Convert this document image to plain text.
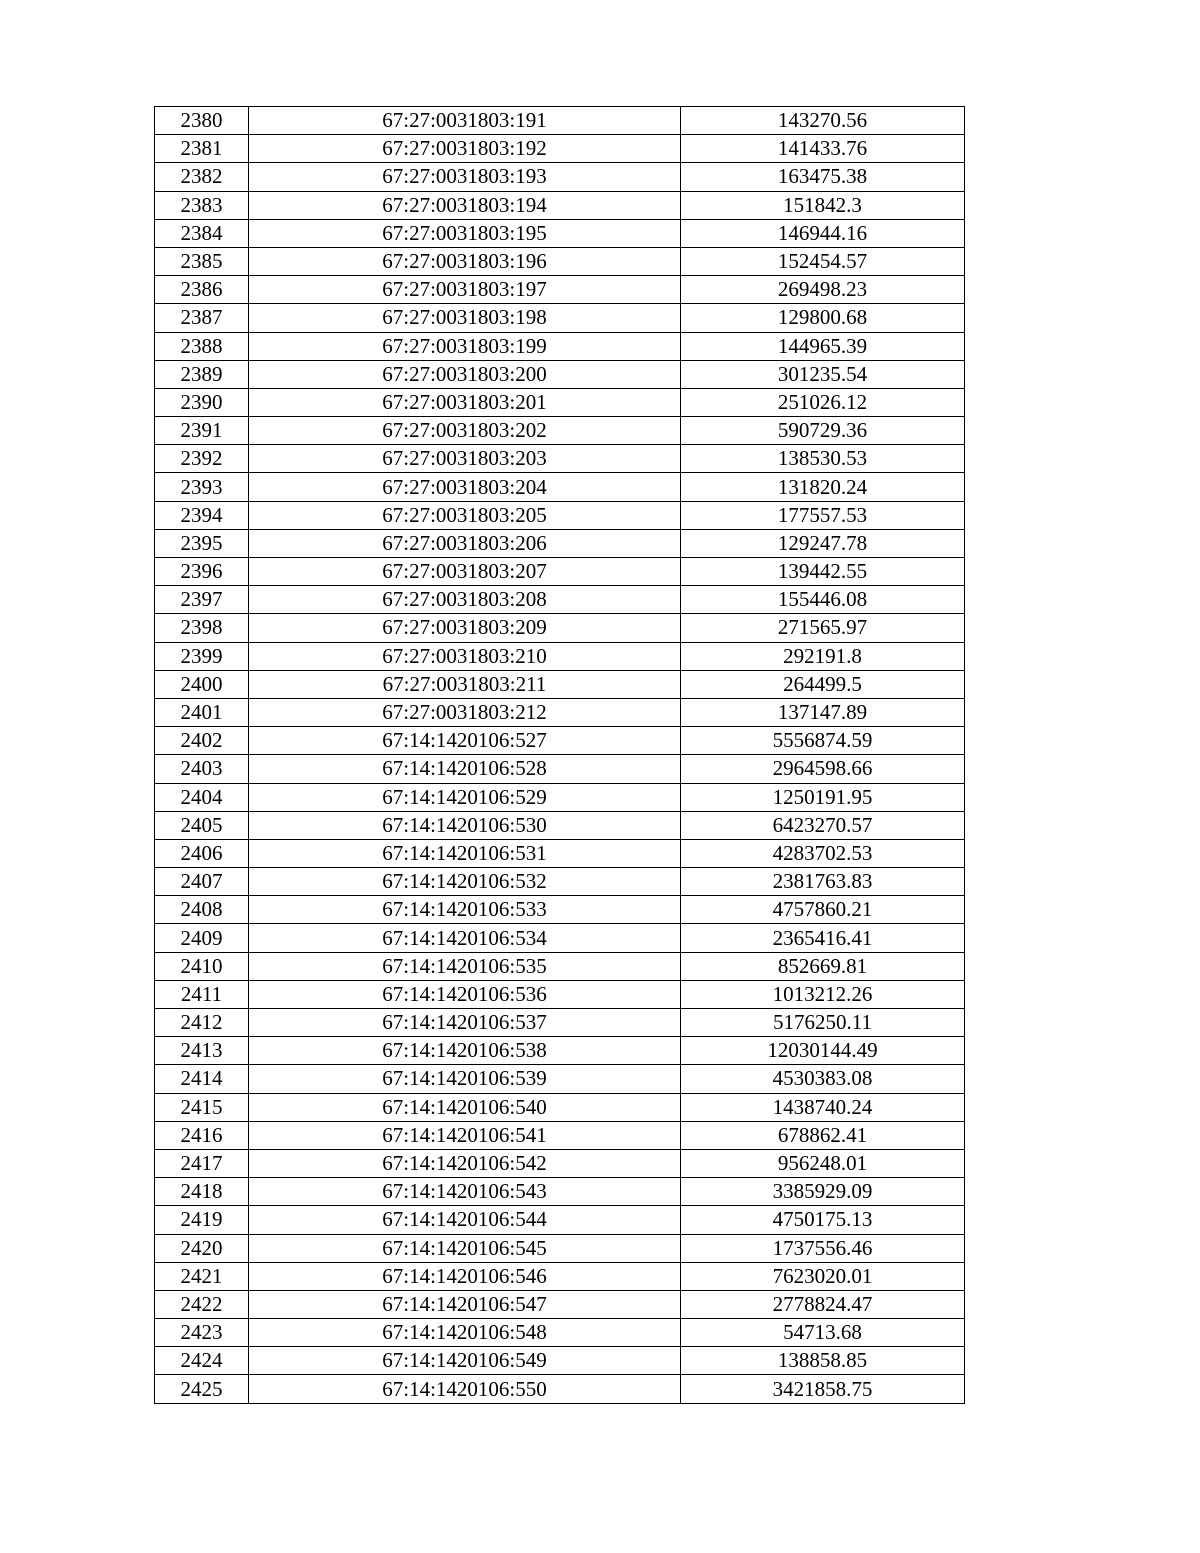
2380	67:27:0031803:191	143270.56
2381	67:27:0031803:192	141433.76
2382	67:27:0031803:193	163475.38
2383	67:27:0031803:194	151842.3
2384	67:27:0031803:195	146944.16
2385	67:27:0031803:196	152454.57
2386	67:27:0031803:197	269498.23
2387	67:27:0031803:198	129800.68
2388	67:27:0031803:199	144965.39
2389	67:27:0031803:200	301235.54
2390	67:27:0031803:201	251026.12
2391	67:27:0031803:202	590729.36
2392	67:27:0031803:203	138530.53
2393	67:27:0031803:204	131820.24
2394	67:27:0031803:205	177557.53
2395	67:27:0031803:206	129247.78
2396	67:27:0031803:207	139442.55
2397	67:27:0031803:208	155446.08
2398	67:27:0031803:209	271565.97
2399	67:27:0031803:210	292191.8
2400	67:27:0031803:211	264499.5
2401	67:27:0031803:212	137147.89
2402	67:14:1420106:527	5556874.59
2403	67:14:1420106:528	2964598.66
2404	67:14:1420106:529	1250191.95
2405	67:14:1420106:530	6423270.57
2406	67:14:1420106:531	4283702.53
2407	67:14:1420106:532	2381763.83
2408	67:14:1420106:533	4757860.21
2409	67:14:1420106:534	2365416.41
2410	67:14:1420106:535	852669.81
2411	67:14:1420106:536	1013212.26
2412	67:14:1420106:537	5176250.11
2413	67:14:1420106:538	12030144.49
2414	67:14:1420106:539	4530383.08
2415	67:14:1420106:540	1438740.24
2416	67:14:1420106:541	678862.41
2417	67:14:1420106:542	956248.01
2418	67:14:1420106:543	3385929.09
2419	67:14:1420106:544	4750175.13
2420	67:14:1420106:545	1737556.46
2421	67:14:1420106:546	7623020.01
2422	67:14:1420106:547	2778824.47
2423	67:14:1420106:548	54713.68
2424	67:14:1420106:549	138858.85
2425	67:14:1420106:550	3421858.75
